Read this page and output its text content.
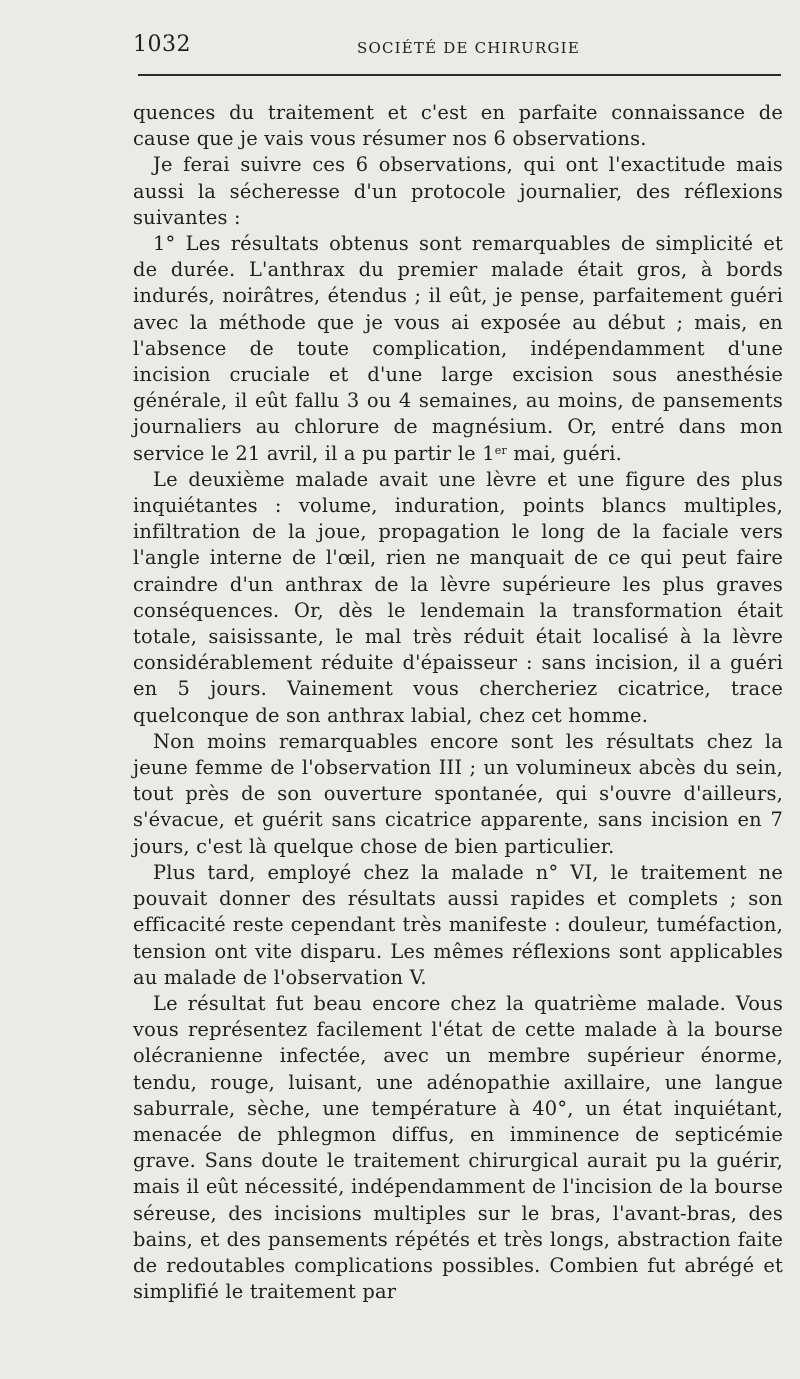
1032	SOCIÉTÉ DE CHIRURGIE

quences du traitement et c'est en parfaite connaissance de cause que je vais vous résumer nos 6 observations.

Je ferai suivre ces 6 observations, qui ont l'exactitude mais aussi la sécheresse d'un protocole journalier, des réflexions suivantes :

1° Les résultats obtenus sont remarquables de simplicité et de durée. L'anthrax du premier malade était gros, à bords indurés, noirâtres, étendus ; il eût, je pense, parfaitement guéri avec la méthode que je vous ai exposée au début ; mais, en l'absence de toute complication, indépendamment d'une incision cruciale et d'une large excision sous anesthésie générale, il eût fallu 3 ou 4 semaines, au moins, de pansements journaliers au chlorure de magnésium. Or, entré dans mon service le 21 avril, il a pu partir le 1er mai, guéri.

Le deuxième malade avait une lèvre et une figure des plus inquiétantes : volume, induration, points blancs multiples, infiltration de la joue, propagation le long de la faciale vers l'angle interne de l'œil, rien ne manquait de ce qui peut faire craindre d'un anthrax de la lèvre supérieure les plus graves conséquences. Or, dès le lendemain la transformation était totale, saisissante, le mal très réduit était localisé à la lèvre considérablement réduite d'épaisseur : sans incision, il a guéri en 5 jours. Vainement vous chercheriez cicatrice, trace quelconque de son anthrax labial, chez cet homme.

Non moins remarquables encore sont les résultats chez la jeune femme de l'observation III ; un volumineux abcès du sein, tout près de son ouverture spontanée, qui s'ouvre d'ailleurs, s'évacue, et guérit sans cicatrice apparente, sans incision en 7 jours, c'est là quelque chose de bien particulier.

Plus tard, employé chez la malade n° VI, le traitement ne pouvait donner des résultats aussi rapides et complets ; son efficacité reste cependant très manifeste : douleur, tuméfaction, tension ont vite disparu. Les mêmes réflexions sont applicables au malade de l'observation V.

Le résultat fut beau encore chez la quatrième malade. Vous vous représentez facilement l'état de cette malade à la bourse olécranienne infectée, avec un membre supérieur énorme, tendu, rouge, luisant, une adénopathie axillaire, une langue saburrale, sèche, une température à 40°, un état inquiétant, menacée de phlegmon diffus, en imminence de septicémie grave. Sans doute le traitement chirurgical aurait pu la guérir, mais il eût nécessité, indépendamment de l'incision de la bourse séreuse, des incisions multiples sur le bras, l'avant-bras, des bains, et des pansements répétés et très longs, abstraction faite de redoutables complications possibles. Combien fut abrégé et simplifié le traitement par
